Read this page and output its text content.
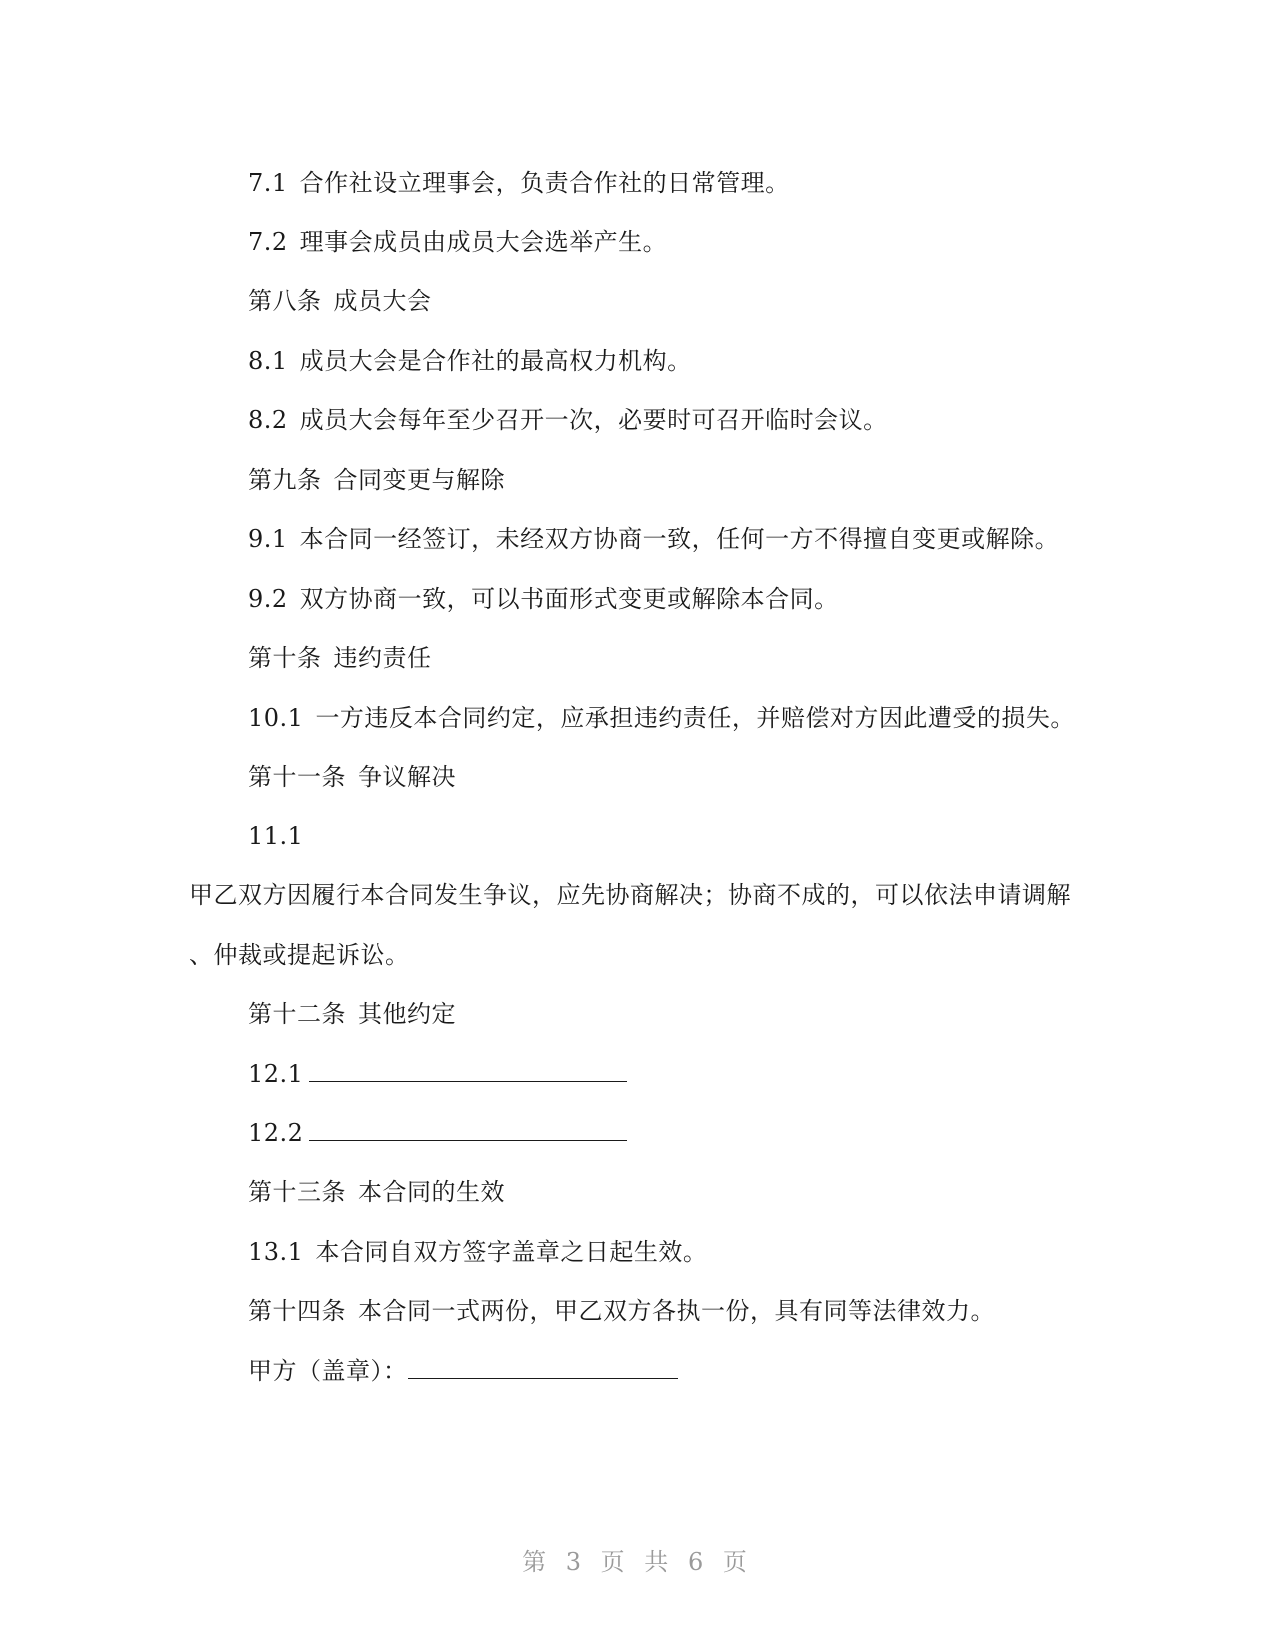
7.1 合作社设立理事会，负责合作社的日常管理。
7.2 理事会成员由成员大会选举产生。
第八条 成员大会
8.1 成员大会是合作社的最高权力机构。
8.2 成员大会每年至少召开一次，必要时可召开临时会议。
第九条 合同变更与解除
9.1 本合同一经签订，未经双方协商一致，任何一方不得擅自变更或解除。
9.2 双方协商一致，可以书面形式变更或解除本合同。
第十条 违约责任
10.1 一方违反本合同约定，应承担违约责任，并赔偿对方因此遭受的损失。
第十一条 争议解决
11.1
甲乙双方因履行本合同发生争议，应先协商解决；协商不成的，可以依法申请调解
、仲裁或提起诉讼。
第十二条 其他约定
12.1
12.2
第十三条 本合同的生效
13.1 本合同自双方签字盖章之日起生效。
第十四条 本合同一式两份，甲乙双方各执一份，具有同等法律效力。
甲方（盖章）：
第 3 页 共 6 页
